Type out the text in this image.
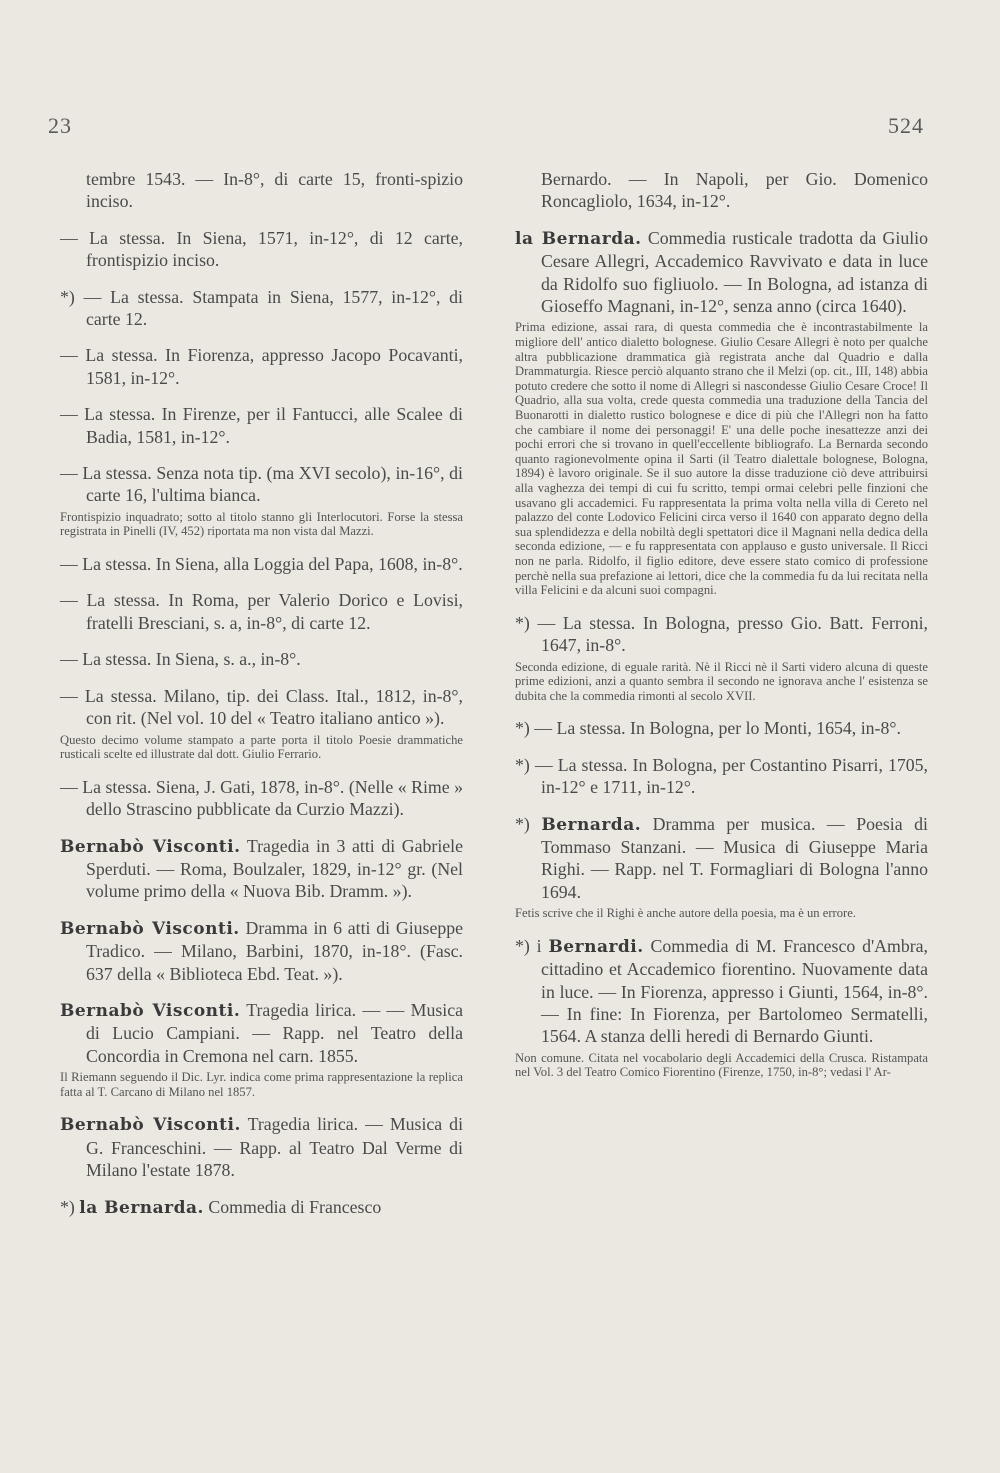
23	524
tembre 1543. — In-8°, di carte 15, fronti-spizio inciso.
— La stessa. In Siena, 1571, in-12°, di 12 carte, frontispizio inciso.
*) — La stessa. Stampata in Siena, 1577, in-12°, di carte 12.
— La stessa. In Fiorenza, appresso Jacopo Pocavanti, 1581, in-12°.
— La stessa. In Firenze, per il Fantucci, alle Scalee di Badia, 1581, in-12°.
— La stessa. Senza nota tip. (ma XVI secolo), in-16°, di carte 16, l'ultima bianca.
Frontispizio inquadrato; sotto al titolo stanno gli Interlocutori. Forse la stessa registrata in Pinelli (IV, 452) riportata ma non vista dal Mazzi.
— La stessa. In Siena, alla Loggia del Papa, 1608, in-8°.
— La stessa. In Roma, per Valerio Dorico e Lovisi, fratelli Bresciani, s. a, in-8°, di carte 12.
— La stessa. In Siena, s. a., in-8°.
— La stessa. Milano, tip. dei Class. Ital., 1812, in-8°, con rit. (Nel vol. 10 del « Teatro italiano antico »).
Questo decimo volume stampato a parte porta il titolo Poesie drammatiche rusticali scelte ed illustrate dal dott. Giulio Ferrario.
— La stessa. Siena, J. Gati, 1878, in-8°. (Nelle « Rime » dello Strascino pubblicate da Curzio Mazzi).
Bernabò Visconti. Tragedia in 3 atti di Gabriele Sperduti. — Roma, Boulzaler, 1829, in-12° gr. (Nel volume primo della « Nuova Bib. Dramm. »).
Bernabò Visconti. Dramma in 6 atti di Giuseppe Tradico. — Milano, Barbini, 1870, in-18°. (Fasc. 637 della « Biblioteca Ebd. Teat. »).
Bernabò Visconti. Tragedia lirica. — — Musica di Lucio Campiani. — Rapp. nel Teatro della Concordia in Cremona nel carn. 1855.
Il Riemann seguendo il Dic. Lyr. indica come prima rappresentazione la replica fatta al T. Carcano di Milano nel 1857.
Bernabò Visconti. Tragedia lirica. — Musica di G. Franceschini. — Rapp. al Teatro Dal Verme di Milano l'estate 1878.
*) la Bernarda. Commedia di Francesco
Bernardo. — In Napoli, per Gio. Domenico Roncagliolo, 1634, in-12°.
la Bernarda. Commedia rusticale tradotta da Giulio Cesare Allegri, Accademico Ravvivato e data in luce da Ridolfo suo figliuolo. — In Bologna, ad istanza di Gioseffo Magnani, in-12°, senza anno (circa 1640).
Prima edizione, assai rara, di questa commedia che è incontrastabilmente la migliore dell' antico dialetto bolognese. Giulio Cesare Allegri è noto per qualche altra pubblicazione drammatica già registrata anche dal Quadrio e dalla Drammaturgia. Riesce perciò alquanto strano che il Melzi (op. cit., III, 148) abbia potuto credere che sotto il nome di Allegri si nascondesse Giulio Cesare Croce! Il Quadrio, alla sua volta, crede questa commedia una traduzione della Tancia del Buonarotti in dialetto rustico bolognese e dice di più che l'Allegri non ha fatto che cambiare il nome dei personaggi! E' una delle poche inesattezze anzi dei pochi errori che si trovano in quell'eccellente bibliografo. La Bernarda secondo quanto ragionevolmente opina il Sarti (il Teatro dialettale bolognese, Bologna, 1894) è lavoro originale. Se il suo autore la disse traduzione ciò deve attribuirsi alla vaghezza dei tempi di cui fu scritto, tempi ormai celebri pelle finzioni che usavano gli accademici. Fu rappresentata la prima volta nella villa di Cereto nel palazzo del conte Lodovico Felicini circa verso il 1640 con apparato degno della sua splendidezza e della nobiltà degli spettatori dice il Magnani nella dedica della seconda edizione, — e fu rappresentata con applauso e gusto universale. Il Ricci non ne parla. Ridolfo, il figlio editore, deve essere stato comico di professione perchè nella sua prefazione ai lettori, dice che la commedia fu da lui recitata nella villa Felicini e da alcuni suoi compagni.
*) — La stessa. In Bologna, presso Gio. Batt. Ferroni, 1647, in-8°.
Seconda edizione, di eguale rarità. Nè il Ricci nè il Sarti videro alcuna di queste prime edizioni, anzi a quanto sembra il secondo ne ignorava anche l' esistenza se dubita che la commedia rimonti al secolo XVII.
*) — La stessa. In Bologna, per lo Monti, 1654, in-8°.
*) — La stessa. In Bologna, per Costantino Pisarri, 1705, in-12° e 1711, in-12°.
*) Bernarda. Dramma per musica. — Poesia di Tommaso Stanzani. — Musica di Giuseppe Maria Righi. — Rapp. nel T. Formagliari di Bologna l'anno 1694.
Fetis scrive che il Righi è anche autore della poesia, ma è un errore.
*) i Bernardi. Commedia di M. Francesco d'Ambra, cittadino et Accademico fiorentino. Nuovamente data in luce. — In Fiorenza, appresso i Giunti, 1564, in-8°. — In fine: In Fiorenza, per Bartolomeo Sermatelli, 1564. A stanza delli heredi di Bernardo Giunti.
Non comune. Citata nel vocabolario degli Accademici della Crusca. Ristampata nel Vol. 3 del Teatro Comico Fiorentino (Firenze, 1750, in-8°; vedasi l' Ar-
